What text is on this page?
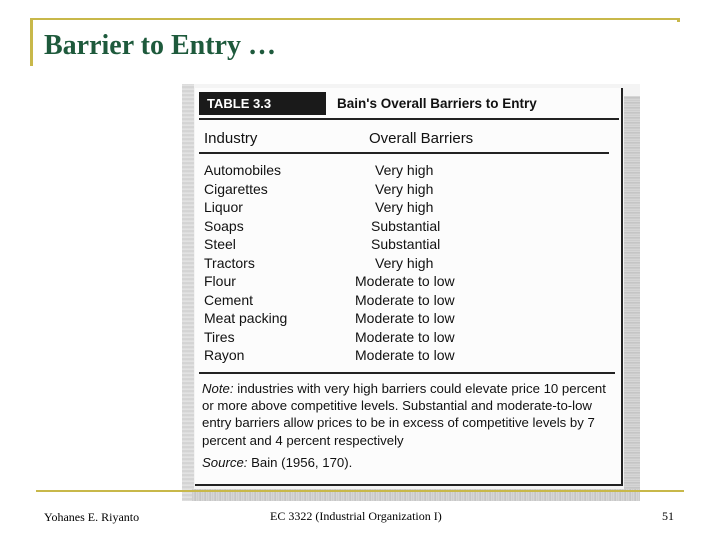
Barrier to Entry …
TABLE 3.3	Bain's Overall Barriers to Entry
Industry	Overall Barriers
Automobiles	Very high
Cigarettes	Very high
Liquor	Very high
Soaps	Substantial
Steel	Substantial
Tractors	Very high
Flour	Moderate to low
Cement	Moderate to low
Meat packing	Moderate to low
Tires	Moderate to low
Rayon	Moderate to low
Note: industries with very high barriers could elevate price 10 percent or more above competitive levels. Substantial and moderate-to-low entry barriers allow prices to be in excess of competitive levels by 7 percent and 4 percent respectively
Source: Bain (1956, 170).
Yohanes E. Riyanto	EC 3322 (Industrial Organization I)	51
